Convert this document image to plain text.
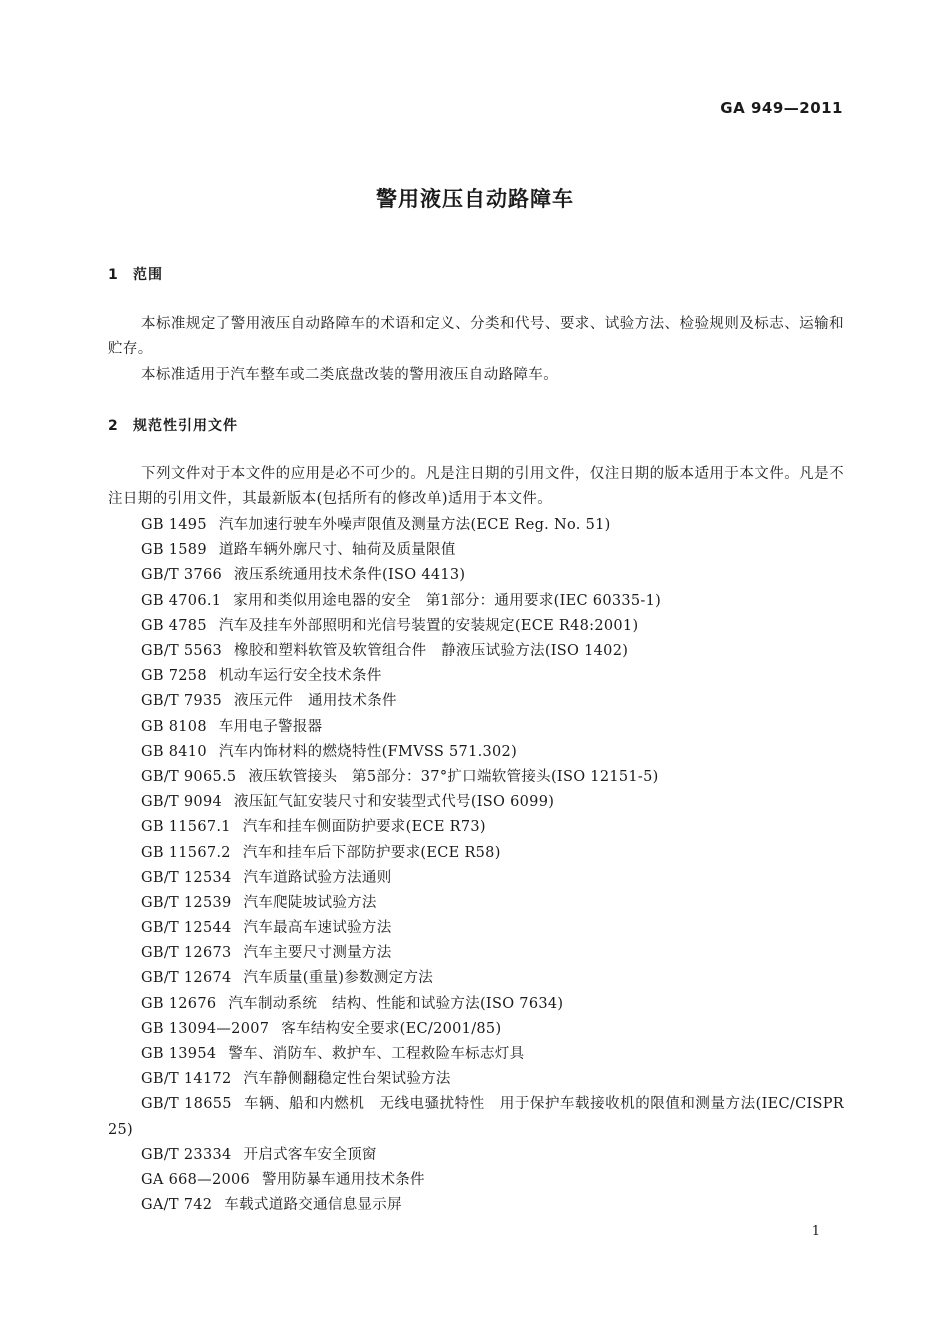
GA 949—2011
警用液压自动路障车
1 范围
本标准规定了警用液压自动路障车的术语和定义、分类和代号、要求、试验方法、检验规则及标志、运输和贮存。
本标准适用于汽车整车或二类底盘改装的警用液压自动路障车。
2 规范性引用文件
下列文件对于本文件的应用是必不可少的。凡是注日期的引用文件，仅注日期的版本适用于本文件。凡是不注日期的引用文件，其最新版本(包括所有的修改单)适用于本文件。
GB 1495 汽车加速行驶车外噪声限值及测量方法(ECE Reg. No. 51)
GB 1589 道路车辆外廓尺寸、轴荷及质量限值
GB/T 3766 液压系统通用技术条件(ISO 4413)
GB 4706.1 家用和类似用途电器的安全　第1部分：通用要求(IEC 60335-1)
GB 4785 汽车及挂车外部照明和光信号装置的安装规定(ECE R48:2001)
GB/T 5563 橡胶和塑料软管及软管组合件　静液压试验方法(ISO 1402)
GB 7258 机动车运行安全技术条件
GB/T 7935 液压元件　通用技术条件
GB 8108 车用电子警报器
GB 8410 汽车内饰材料的燃烧特性(FMVSS 571.302)
GB/T 9065.5 液压软管接头　第5部分：37°扩口端软管接头(ISO 12151-5)
GB/T 9094 液压缸气缸安装尺寸和安装型式代号(ISO 6099)
GB 11567.1 汽车和挂车侧面防护要求(ECE R73)
GB 11567.2 汽车和挂车后下部防护要求(ECE R58)
GB/T 12534 汽车道路试验方法通则
GB/T 12539 汽车爬陡坡试验方法
GB/T 12544 汽车最高车速试验方法
GB/T 12673 汽车主要尺寸测量方法
GB/T 12674 汽车质量(重量)参数测定方法
GB 12676 汽车制动系统　结构、性能和试验方法(ISO 7634)
GB 13094—2007 客车结构安全要求(EC/2001/85)
GB 13954 警车、消防车、救护车、工程救险车标志灯具
GB/T 14172 汽车静侧翻稳定性台架试验方法
GB/T 18655 车辆、船和内燃机　无线电骚扰特性　用于保护车载接收机的限值和测量方法(IEC/CISPR 25)
GB/T 23334 开启式客车安全顶窗
GA 668—2006 警用防暴车通用技术条件
GA/T 742 车载式道路交通信息显示屏
1
